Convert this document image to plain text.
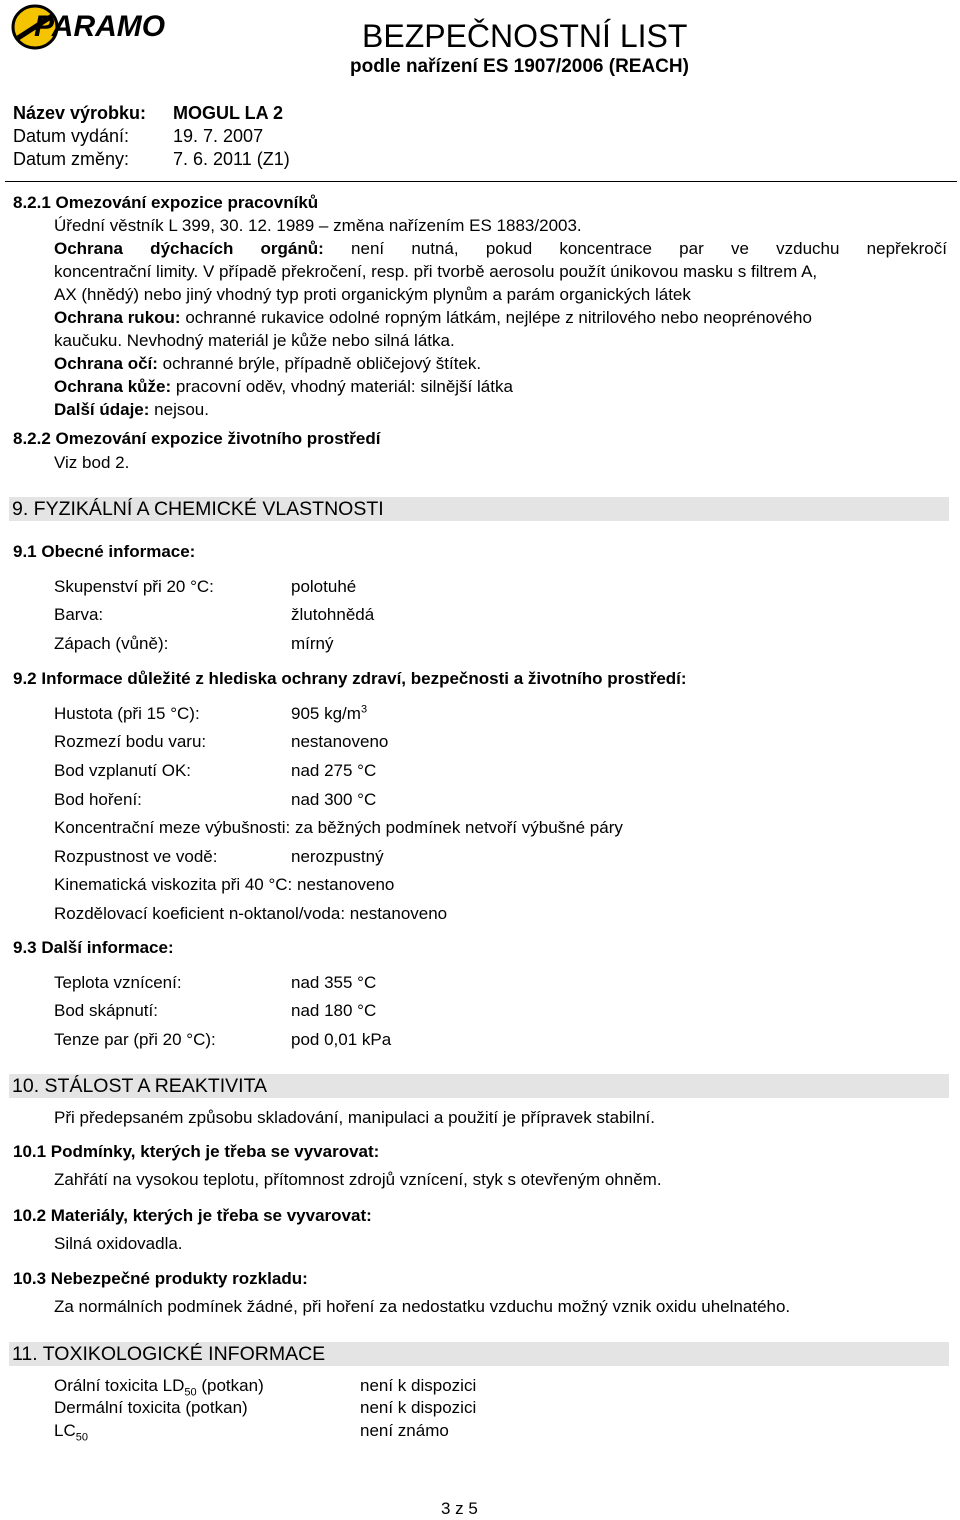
PARAMO	BEZPEČNOSTNÍ LIST
podle nařízení ES 1907/2006 (REACH)
Název výrobku: MOGUL LA 2
Datum vydání: 19. 7. 2007
Datum změny: 7. 6. 2011 (Z1)
8.2.1 Omezování expozice pracovníků
Úřední věstník L 399, 30. 12. 1989 – změna nařízením ES 1883/2003.
Ochrana dýchacích orgánů: není nutná, pokud koncentrace par ve vzduchu nepřekročí
koncentrační limity. V případě překročení, resp. při tvorbě aerosolu použít únikovou masku s filtrem A,
AX (hnědý) nebo jiný vhodný typ proti organickým plynům a parám organických látek
Ochrana rukou: ochranné rukavice odolné ropným látkám, nejlépe z nitrilového nebo neoprénového
kaučuku. Nevhodný materiál je kůže nebo silná látka.
Ochrana očí: ochranné brýle, případně obličejový štítek.
Ochrana kůže: pracovní oděv, vhodný materiál: silnější látka
Další údaje: nejsou.
8.2.2 Omezování expozice životního prostředí
Viz bod 2.
9. FYZIKÁLNÍ A CHEMICKÉ VLASTNOSTI
9.1 Obecné informace:
Skupenství při 20 °C:	polotuhé
Barva:	žlutohnědá
Zápach (vůně):	mírný
9.2 Informace důležité z hlediska ochrany zdraví, bezpečnosti a životního prostředí:
Hustota (při 15 °C):	905 $kg/m^3$
Rozmezí bodu varu:	nestanoveno
Bod vzplanutí OK:	nad 275 °C
Bod hoření:	nad 300 °C
Koncentrační meze výbušnosti: za běžných podmínek netvoří výbušné páry
Rozpustnost ve vodě:	nerozpustný
Kinematická viskozita při 40 °C: nestanoveno
Rozdělovací koeficient n-oktanol/voda: nestanoveno
9.3 Další informace:
Teplota vznícení:	nad 355 °C
Bod skápnutí:	nad 180 °C
Tenze par (při 20 °C):	pod 0,01 kPa
10. STÁLOST A REAKTIVITA
Při předepsaném způsobu skladování, manipulaci a použití je přípravek stabilní.
10.1 Podmínky, kterých je třeba se vyvarovat:
Zahřátí na vysokou teplotu, přítomnost zdrojů vznícení, styk s otevřeným ohněm.
10.2 Materiály, kterých je třeba se vyvarovat:
Silná oxidovadla.
10.3 Nebezpečné produkty rozkladu:
Za normálních podmínek žádné, při hoření za nedostatku vzduchu možný vznik oxidu uhelnatého.
11. TOXIKOLOGICKÉ INFORMACE
Orální toxicita $LD_{50}$ (potkan)	není k dispozici
Dermální toxicita (potkan)	není k dispozici
$LC_{50}$	není známo
3 z 5
